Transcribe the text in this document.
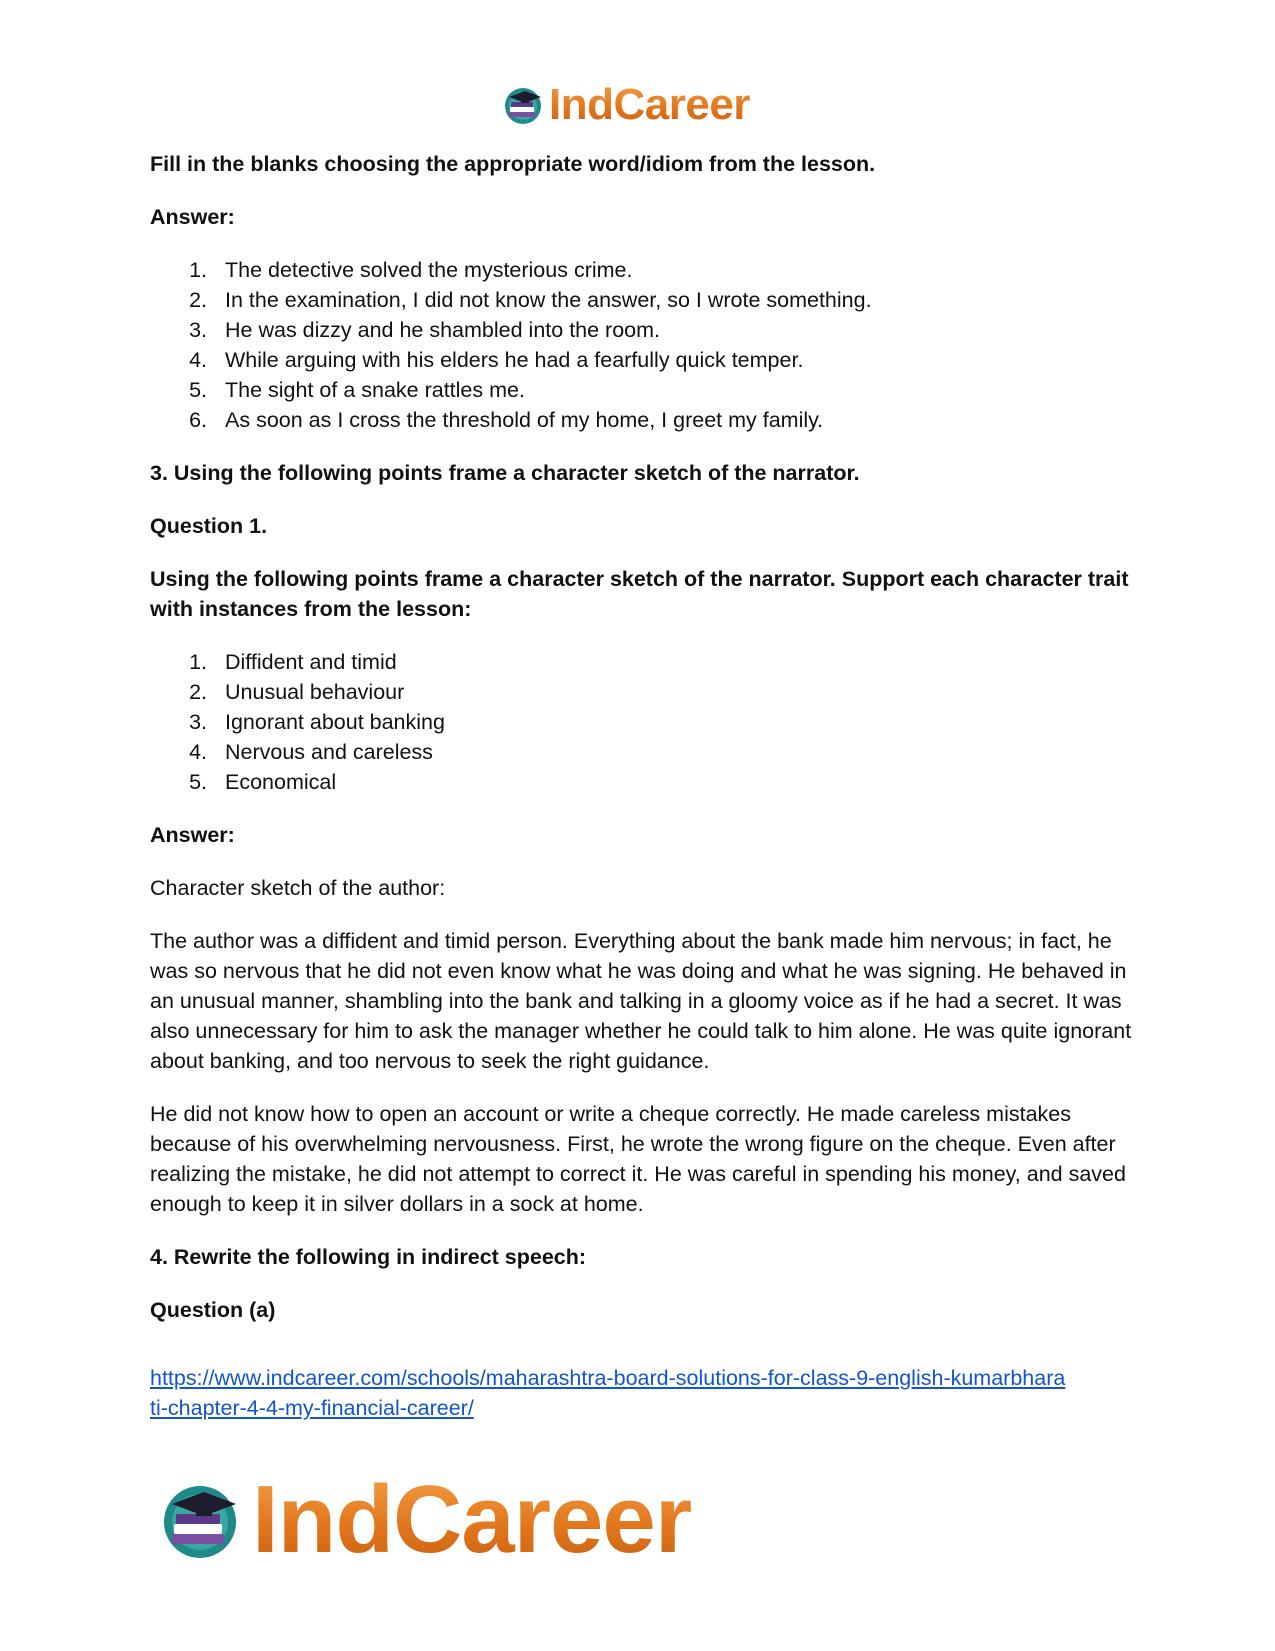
IndCareer

Fill in the blanks choosing the appropriate word/idiom from the lesson.

Answer:

1. The detective solved the mysterious crime.
2. In the examination, I did not know the answer, so I wrote something.
3. He was dizzy and he shambled into the room.
4. While arguing with his elders he had a fearfully quick temper.
5. The sight of a snake rattles me.
6. As soon as I cross the threshold of my home, I greet my family.

3. Using the following points frame a character sketch of the narrator.

Question 1.

Using the following points frame a character sketch of the narrator. Support each character trait with instances from the lesson:

1. Diffident and timid
2. Unusual behaviour
3. Ignorant about banking
4. Nervous and careless
5. Economical

Answer:

Character sketch of the author:

The author was a diffident and timid person. Everything about the bank made him nervous; in fact, he was so nervous that he did not even know what he was doing and what he was signing. He behaved in an unusual manner, shambling into the bank and talking in a gloomy voice as if he had a secret. It was also unnecessary for him to ask the manager whether he could talk to him alone. He was quite ignorant about banking, and too nervous to seek the right guidance.

He did not know how to open an account or write a cheque correctly. He made careless mistakes because of his overwhelming nervousness. First, he wrote the wrong figure on the cheque. Even after realizing the mistake, he did not attempt to correct it. He was careful in spending his money, and saved enough to keep it in silver dollars in a sock at home.

4. Rewrite the following in indirect speech:

Question (a)

https://www.indcareer.com/schools/maharashtra-board-solutions-for-class-9-english-kumarbhara
ti-chapter-4-4-my-financial-career/
IndCareer
